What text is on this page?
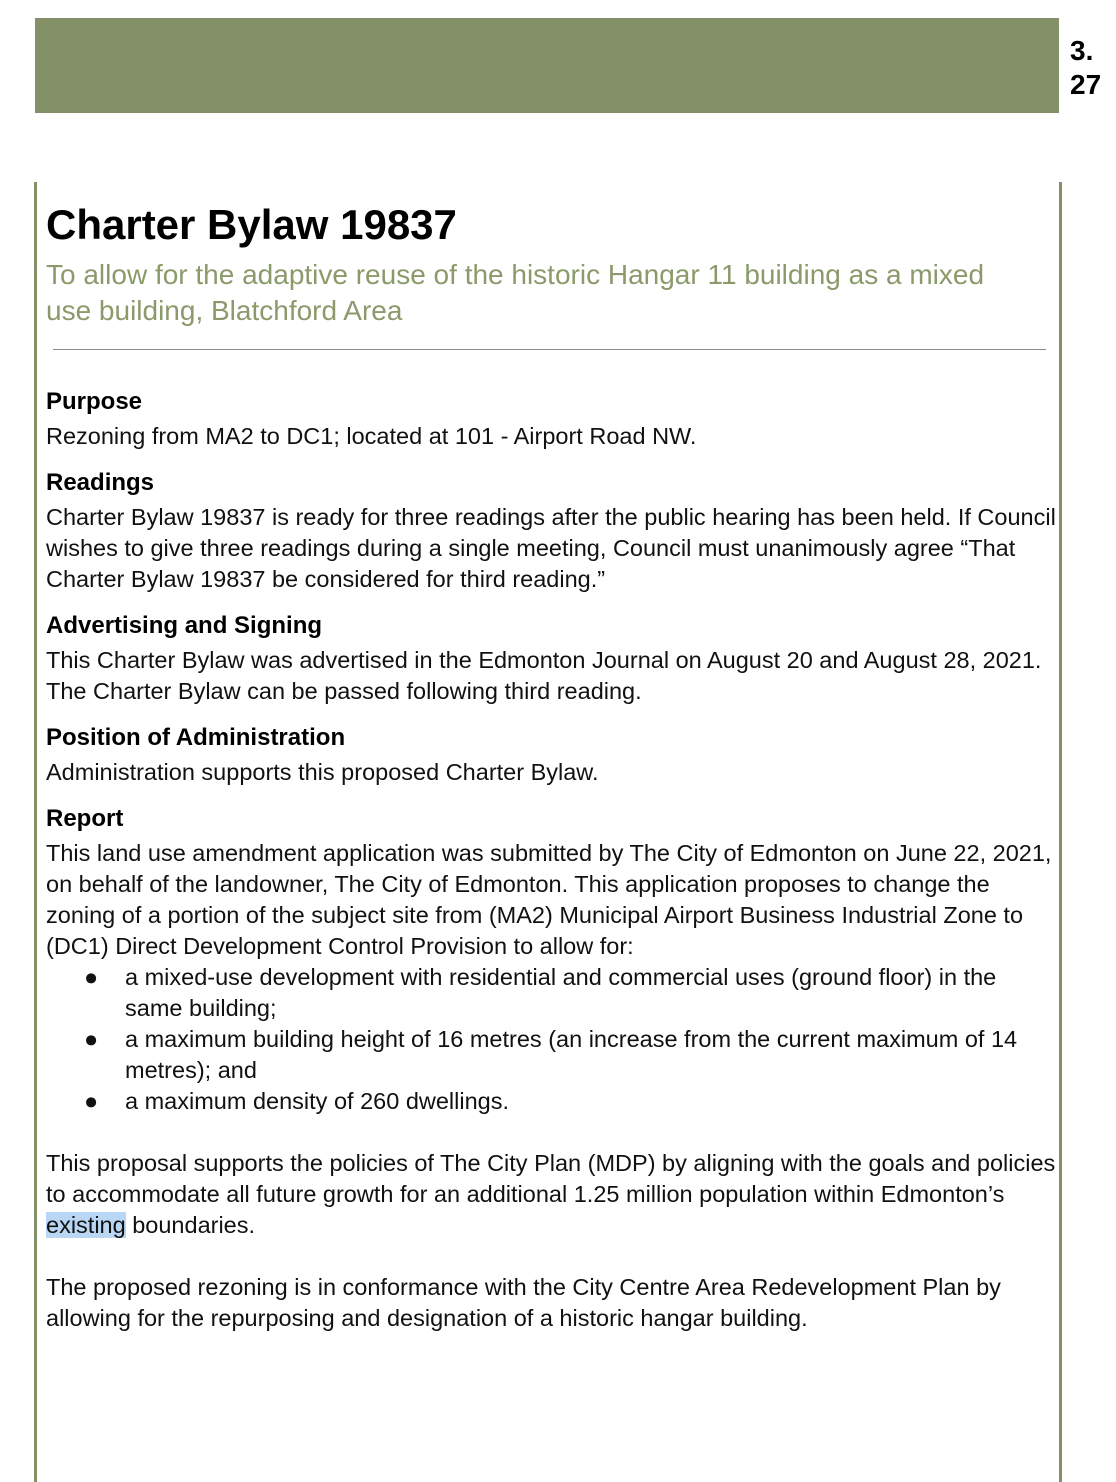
3.
27
Charter Bylaw 19837

To allow for the adaptive reuse of the historic Hangar 11 building as a mixed use building, Blatchford Area

Purpose

Rezoning from MA2 to DC1; located at 101 - Airport Road NW.

Readings

Charter Bylaw 19837 is ready for three readings after the public hearing has been held. If Council wishes to give three readings during a single meeting, Council must unanimously agree “That Charter Bylaw 19837 be considered for third reading.”

Advertising and Signing

This Charter Bylaw was advertised in the Edmonton Journal on August 20 and August 28, 2021. The Charter Bylaw can be passed following third reading.

Position of Administration

Administration supports this proposed Charter Bylaw.

Report

This land use amendment application was submitted by The City of Edmonton on June 22, 2021, on behalf of the landowner, The City of Edmonton. This application proposes to change the zoning of a portion of the subject site from (MA2) Municipal Airport Business Industrial Zone to (DC1) Direct Development Control Provision to allow for:

● a mixed-use development with residential and commercial uses (ground floor) in the same building;
● a maximum building height of 16 metres (an increase from the current maximum of 14 metres); and
● a maximum density of 260 dwellings.

This proposal supports the policies of The City Plan (MDP) by aligning with the goals and policies to accommodate all future growth for an additional 1.25 million population within Edmonton’s existing boundaries.

The proposed rezoning is in conformance with the City Centre Area Redevelopment Plan by allowing for the repurposing and designation of a historic hangar building.
